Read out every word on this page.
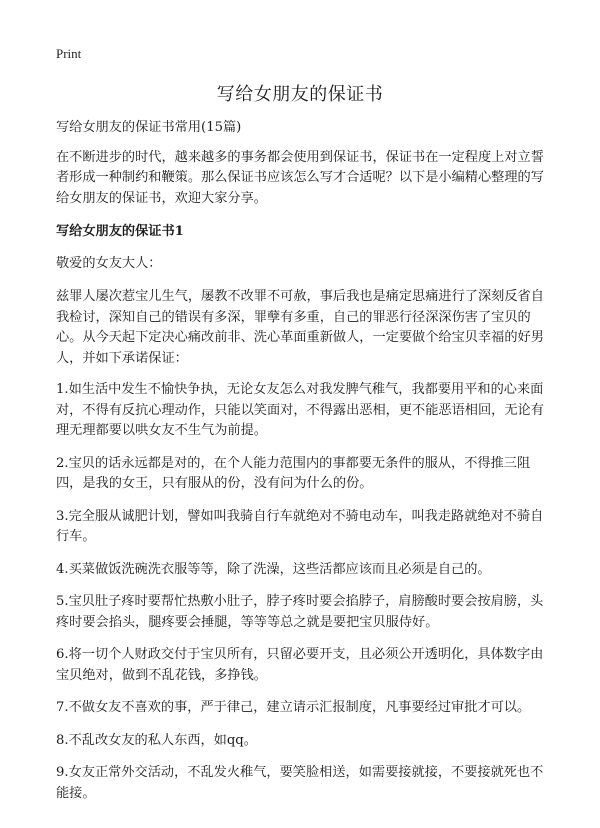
Print
写给女朋友的保证书

写给女朋友的保证书常用(15篇)

在不断进步的时代，越来越多的事务都会使用到保证书，保证书在一定程度上对立誓者形成一种制约和鞭策。那么保证书应该怎么写才合适呢？以下是小编精心整理的写给女朋友的保证书，欢迎大家分享。

写给女朋友的保证书1

敬爱的女友大人：

兹罪人屡次惹宝儿生气，屡教不改罪不可赦，事后我也是痛定思痛进行了深刻反省自我检讨，深知自己的错误有多深，罪孽有多重，自己的罪恶行径深深伤害了宝贝的心。从今天起下定决心痛改前非、洗心革面重新做人，一定要做个给宝贝幸福的好男人，并如下承诺保证：

1.如生活中发生不愉快争执，无论女友怎么对我发脾气稚气，我都要用平和的心来面对，不得有反抗心理动作，只能以笑面对，不得露出恶相，更不能恶语相回，无论有理无理都要以哄女友不生气为前提。

2.宝贝的话永远都是对的，在个人能力范围内的事都要无条件的服从，不得推三阻四，是我的女王，只有服从的份，没有问为什么的份。

3.完全服从诚肥计划，譬如叫我骑自行车就绝对不骑电动车，叫我走路就绝对不骑自行车。

4.买菜做饭洗碗洗衣服等等，除了洗澡，这些活都应该而且必须是自己的。

5.宝贝肚子疼时要帮忙热敷小肚子，脖子疼时要会掐脖子，肩膀酸时要会按肩膀，头疼时要会掐头，腿疼要会捶腿，等等等总之就是要把宝贝服侍好。

6.将一切个人财政交付于宝贝所有，只留必要开支，且必须公开透明化，具体数字由宝贝绝对，做到不乱花钱，多挣钱。

7.不做女友不喜欢的事，严于律己，建立请示汇报制度，凡事要经过审批才可以。

8.不乱改女友的私人东西，如qq。

9.女友正常外交活动，不乱发火稚气，要笑脸相送，如需要接就接，不要接就死也不能接。
